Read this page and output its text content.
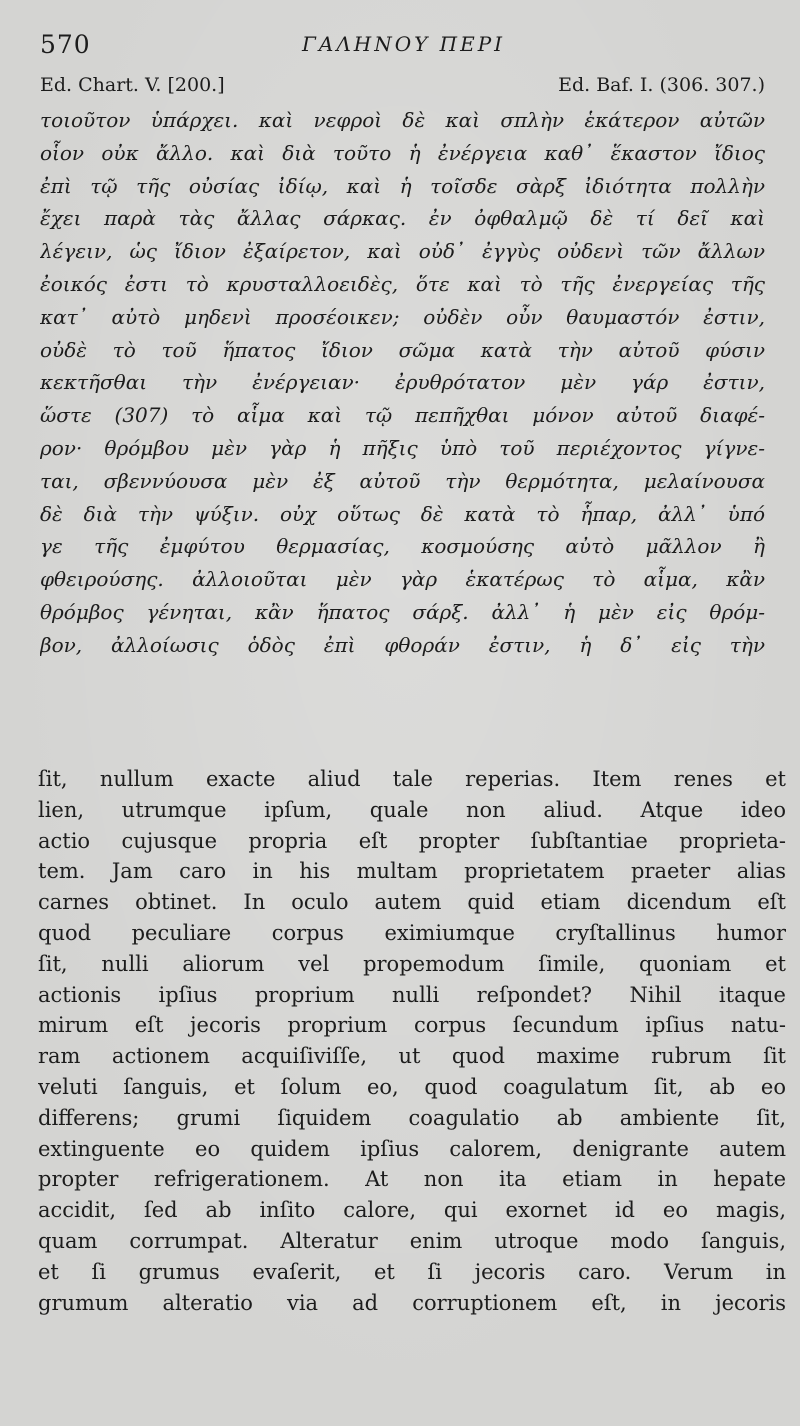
570	ΓΑΛΗΝΟΥ ΠΕΡΙ
Ed. Chart. V. [200.]	Ed. Baf. I. (306. 307.)
τοιοῦτον ὑπάρχει. καὶ νεφροὶ δὲ καὶ σπλὴν ἑκάτερον αὐτῶν
οἷον οὐκ ἄλλο. καὶ διὰ τοῦτο ἡ ἐνέργεια καθ᾽ ἕκαστον ἴδιος
ἐπὶ τῷ τῆς οὐσίας ἰδίῳ, καὶ ἡ τοῖσδε σὰρξ ἰδιότητα πολλὴν
ἔχει παρὰ τὰς ἄλλας σάρκας. ἐν ὀφθαλμῷ δὲ τί δεῖ καὶ
λέγειν, ὡς ἴδιον ἐξαίρετον, καὶ οὐδ᾽ ἐγγὺς οὐδενὶ τῶν ἄλλων
ἐοικός ἐστι τὸ κρυσταλλοειδὲς, ὅτε καὶ τὸ τῆς ἐνεργείας τῆς
κατ᾽ αὐτὸ μηδενὶ προσέοικεν; οὐδὲν οὖν θαυμαστόν ἐστιν,
οὐδὲ τὸ τοῦ ἥπατος ἴδιον σῶμα κατὰ τὴν αὐτοῦ φύσιν
κεκτῆσθαι τὴν ἐνέργειαν· ἐρυθρότατον μὲν γάρ ἐστιν,
ὥστε (307) τὸ αἷμα καὶ τῷ πεπῆχθαι μόνον αὐτοῦ διαφέ-
ρον· θρόμβου μὲν γὰρ ἡ πῆξις ὑπὸ τοῦ περιέχοντος γίγνε-
ται, σβεννύουσα μὲν ἐξ αὐτοῦ τὴν θερμότητα, μελαίνουσα
δὲ διὰ τὴν ψύξιν. οὐχ οὕτως δὲ κατὰ τὸ ἧπαρ, ἀλλ᾽ ὑπό
γε τῆς ἐμφύτου θερμασίας, κοσμούσης αὐτὸ μᾶλλον ἢ
φθειρούσης. ἀλλοιοῦται μὲν γὰρ ἑκατέρως τὸ αἷμα, κἂν
θρόμβος γένηται, κἂν ἥπατος σάρξ. ἀλλ᾽ ἡ μὲν εἰς θρόμ-
βον, ἀλλοίωσις ὁδὸς ἐπὶ φθοράν ἐστιν, ἡ δ᾽ εἰς τὴν
ſit, nullum exacte aliud tale reperias. Item renes et
lien, utrumque ipſum, quale non aliud. Atque ideo
actio cujusque propria eſt propter ſubſtantiae proprieta-
tem. Jam caro in his multam proprietatem praeter alias
carnes obtinet. In oculo autem quid etiam dicendum eſt
quod peculiare corpus eximiumque cryſtallinus humor
ſit, nulli aliorum vel propemodum ſimile, quoniam et
actionis ipſius proprium nulli reſpondet? Nihil itaque
mirum eſt jecoris proprium corpus ſecundum ipſius natu-
ram actionem acquiſiviſſe, ut quod maxime rubrum ſit
veluti ſanguis, et ſolum eo, quod coagulatum ſit, ab eo
differens; grumi ſiquidem coagulatio ab ambiente ſit,
extinguente eo quidem ipſius calorem, denigrante autem
propter refrigerationem. At non ita etiam in hepate
accidit, ſed ab inſito calore, qui exornet id eo magis,
quam corrumpat. Alteratur enim utroque modo ſanguis,
et ſi grumus evaſerit, et ſi jecoris caro. Verum in
grumum alteratio via ad corruptionem eſt, in jecoris
